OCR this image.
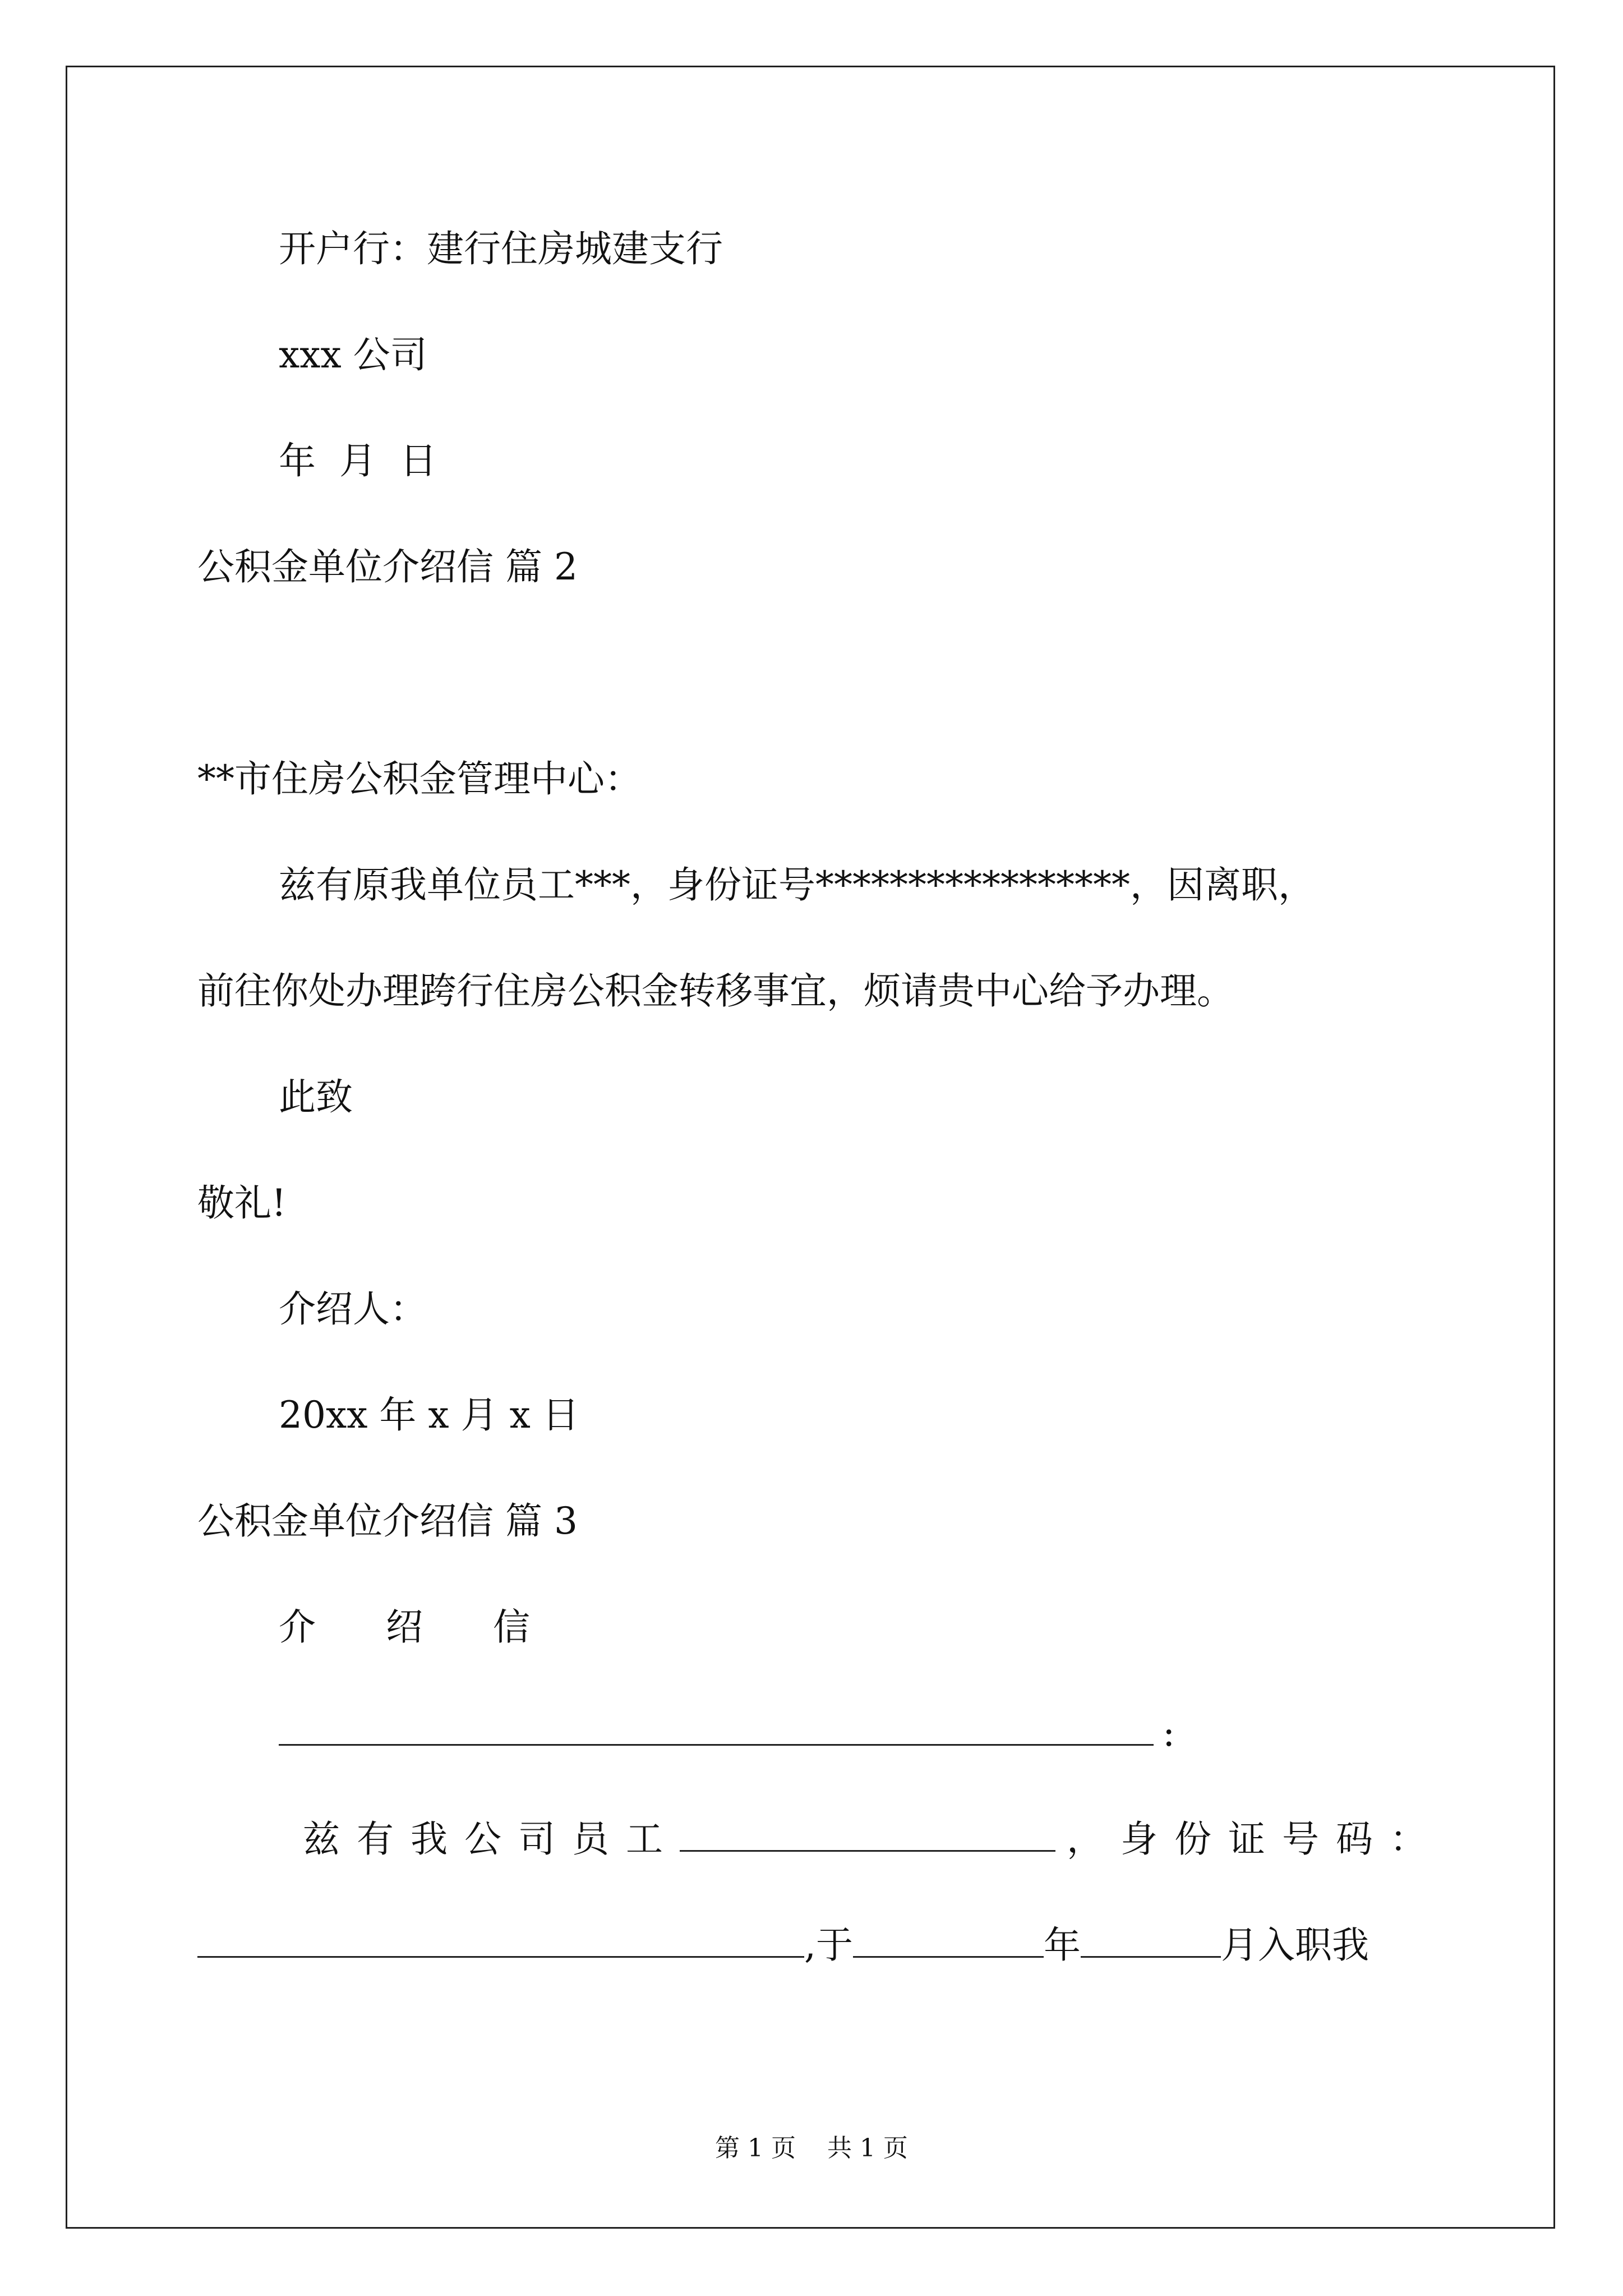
开户行：建行住房城建支行
xxx 公司
年  月  日
公积金单位介绍信 篇 2
**市住房公积金管理中心：
兹有原我单位员工***，身份证号*****************，因离职，
前往你处办理跨行住房公积金转移事宜，烦请贵中心给予办理。
此致
敬礼!
介绍人：
20xx 年 x 月 x 日
公积金单位介绍信 篇 3
介 绍 信
:
兹有我公司员工	，身份证号码：
,于	年	月入职我
第 1 页    共 1 页
